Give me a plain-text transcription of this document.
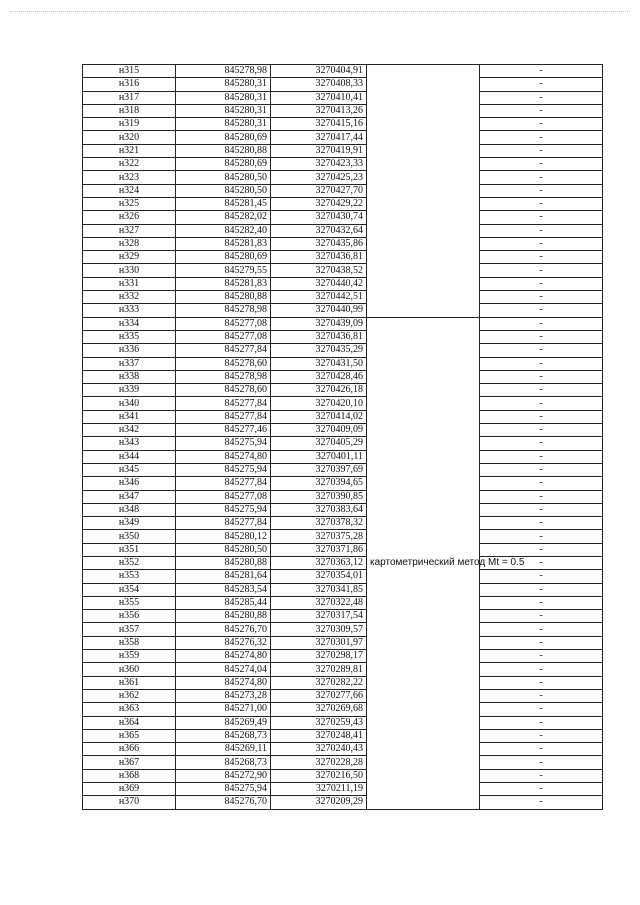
н315	845278,98	3270404,91		-
н316	845280,31	3270408,33		-
н317	845280,31	3270410,41		-
н318	845280,31	3270413,26		-
н319	845280,31	3270415,16		-
н320	845280,69	3270417,44		-
н321	845280,88	3270419,91		-
н322	845280,69	3270423,33		-
н323	845280,50	3270425,23		-
н324	845280,50	3270427,70		-
н325	845281,45	3270429,22		-
н326	845282,02	3270430,74		-
н327	845282,40	3270432,64		-
н328	845281,83	3270435,86		-
н329	845280,69	3270436,81		-
н330	845279,55	3270438,52		-
н331	845281,83	3270440,42		-
н332	845280,88	3270442,51		-
н333	845278,98	3270440,99		-
н334	845277,08	3270439,09	картометрический метод Mt = 0.5	-
н335	845277,08	3270436,81		-
н336	845277,84	3270435,29		-
н337	845278,60	3270431,50		-
н338	845278,98	3270428,46		-
н339	845278,60	3270426,18		-
н340	845277,84	3270420,10		-
н341	845277,84	3270414,02		-
н342	845277,46	3270409,09		-
н343	845275,94	3270405,29		-
н344	845274,80	3270401,11		-
н345	845275,94	3270397,69		-
н346	845277,84	3270394,65		-
н347	845277,08	3270390,85		-
н348	845275,94	3270383,64		-
н349	845277,84	3270378,32		-
н350	845280,12	3270375,28		-
н351	845280,50	3270371,86		-
н352	845280,88	3270363,12		-
н353	845281,64	3270354,01		-
н354	845283,54	3270341,85		-
н355	845285,44	3270322,48		-
н356	845280,88	3270317,54		-
н357	845276,70	3270309,57		-
н358	845276,32	3270301,97		-
н359	845274,80	3270298,17		-
н360	845274,04	3270289,81		-
н361	845274,80	3270282,22		-
н362	845273,28	3270277,66		-
н363	845271,00	3270269,68		-
н364	845269,49	3270259,43		-
н365	845268,73	3270248,41		-
н366	845269,11	3270240,43		-
н367	845268,73	3270228,28		-
н368	845272,90	3270216,50		-
н369	845275,94	3270211,19		-
н370	845276,70	3270209,29		-
